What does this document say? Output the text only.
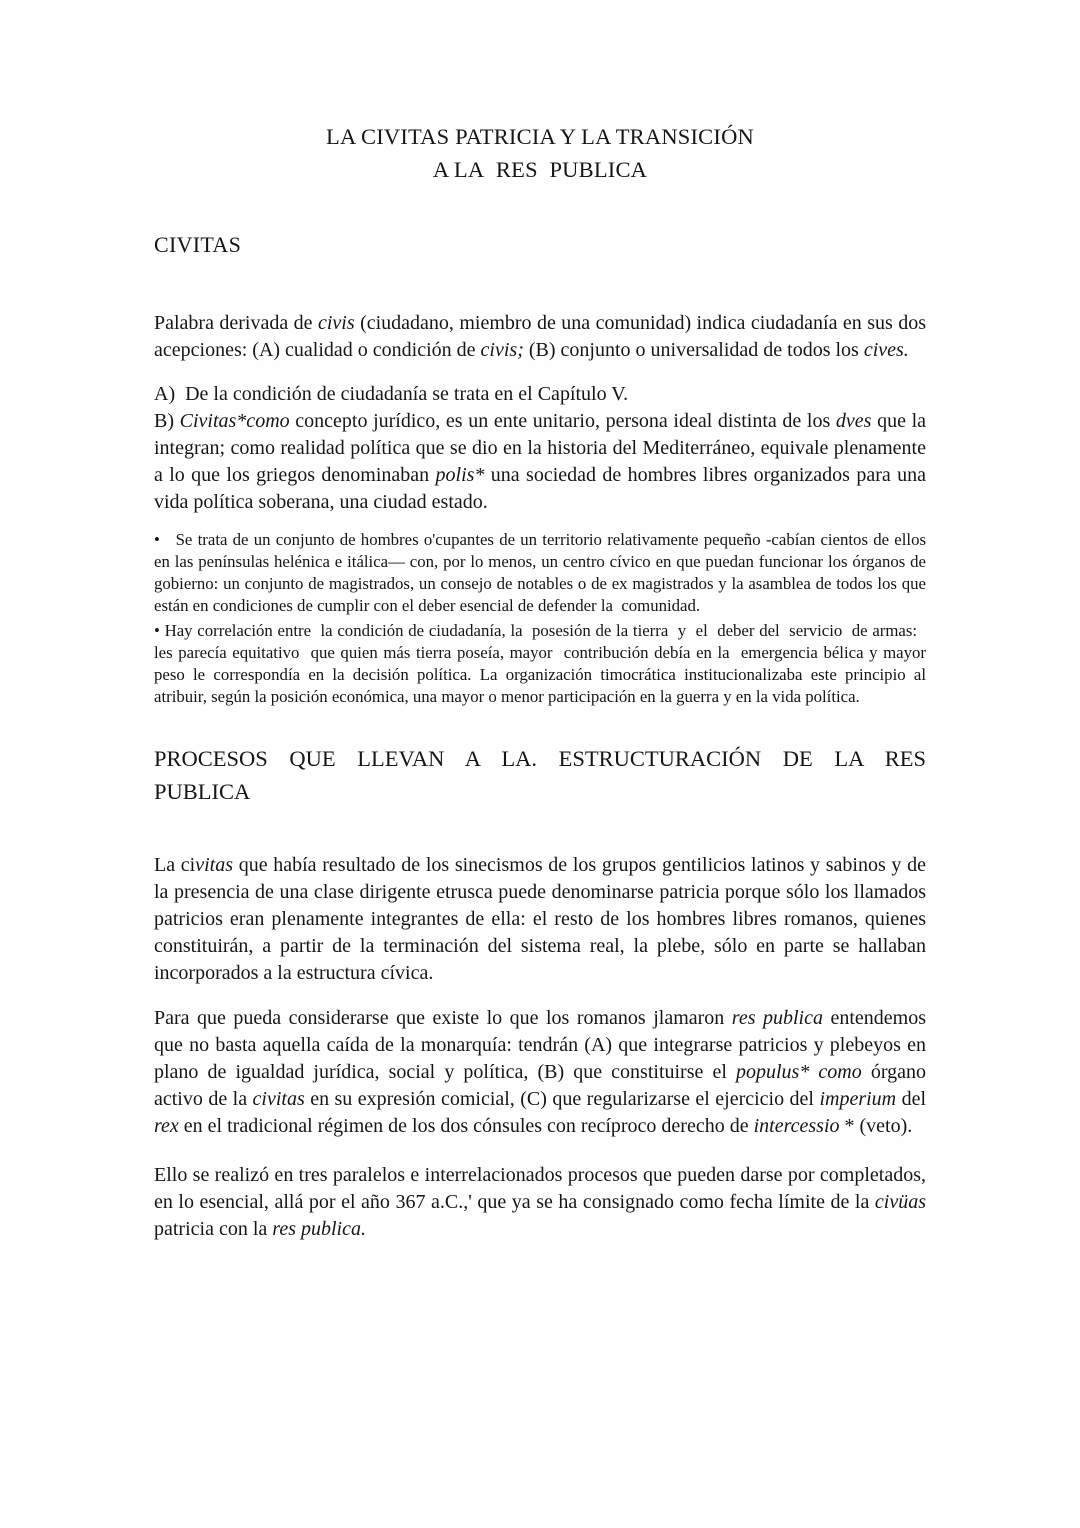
LA CIVITAS PATRICIA Y LA TRANSICIÓN
A LA  RES  PUBLICA
CIVITAS

Palabra derivada de civis (ciudadano, miembro de una comunidad) indica ciudadanía en sus dos acepciones: (A) cualidad o condición de civis; (B) conjunto o universalidad de todos los cives.

A)  De la condición de ciudadanía se trata en el Capítulo V.
B) Civitas*como concepto jurídico, es un ente unitario, persona ideal distinta de los dves que la integran; como realidad política que se dio en la historia del Mediterráneo, equivale plenamente a lo que los griegos denominaban polis* una sociedad de hombres libres organizados para una vida política soberana, una ciudad estado.

•   Se trata de un conjunto de hombres o'cupantes de un territorio relativamente pequeño -cabían cientos de ellos en las penínsulas helénica e itálica— con, por lo menos, un centro cívico en que puedan funcionar los órganos de gobierno: un conjunto de magistrados, un consejo de notables o de ex magistrados y la asamblea de todos los que están en condiciones de cumplir con el deber esencial de defender la  comunidad.

• Hay correlación entre  la condición de ciudadanía, la  posesión de la tierra  y  el  deber del  servicio  de armas:   les parecía equitativo  que quien más tierra poseía, mayor  contribución debía en la  emergencia bélica y mayor peso le correspondía en la decisión política. La organización timocrática institucionalizaba este principio al atribuir, según la posición económica, una mayor o menor participación en la guerra y en la vida política.

PROCESOS QUE LLEVAN A LA. ESTRUCTURACIÓN DE LA RES
PUBLICA

La civitas que había resultado de los sinecismos de los grupos gentilicios latinos y sabinos y de la presencia de una clase dirigente etrusca puede denominarse patricia porque sólo los llamados patricios eran plenamente integrantes de ella: el resto de los hombres libres romanos, quienes constituirán, a partir de la terminación del sistema real, la plebe, sólo en parte se hallaban incorporados a la estructura cívica.

Para que pueda considerarse que existe lo que los romanos jlamaron res publica entendemos que no basta aquella caída de la monarquía: tendrán (A) que integrarse patricios y plebeyos en plano de igualdad jurídica, social y política, (B) que constituirse el populus* como órgano activo de la civitas en su expresión comicial, (C) que regularizarse el ejercicio del imperium del rex en el tradicional régimen de los dos cónsules con recíproco derecho de intercessio * (veto).

Ello se realizó en tres paralelos e interrelacionados procesos que pueden darse por completados, en lo esencial, allá por el año 367 a.C.,' que ya se ha consignado como fecha límite de la civüas patricia con la res publica.
